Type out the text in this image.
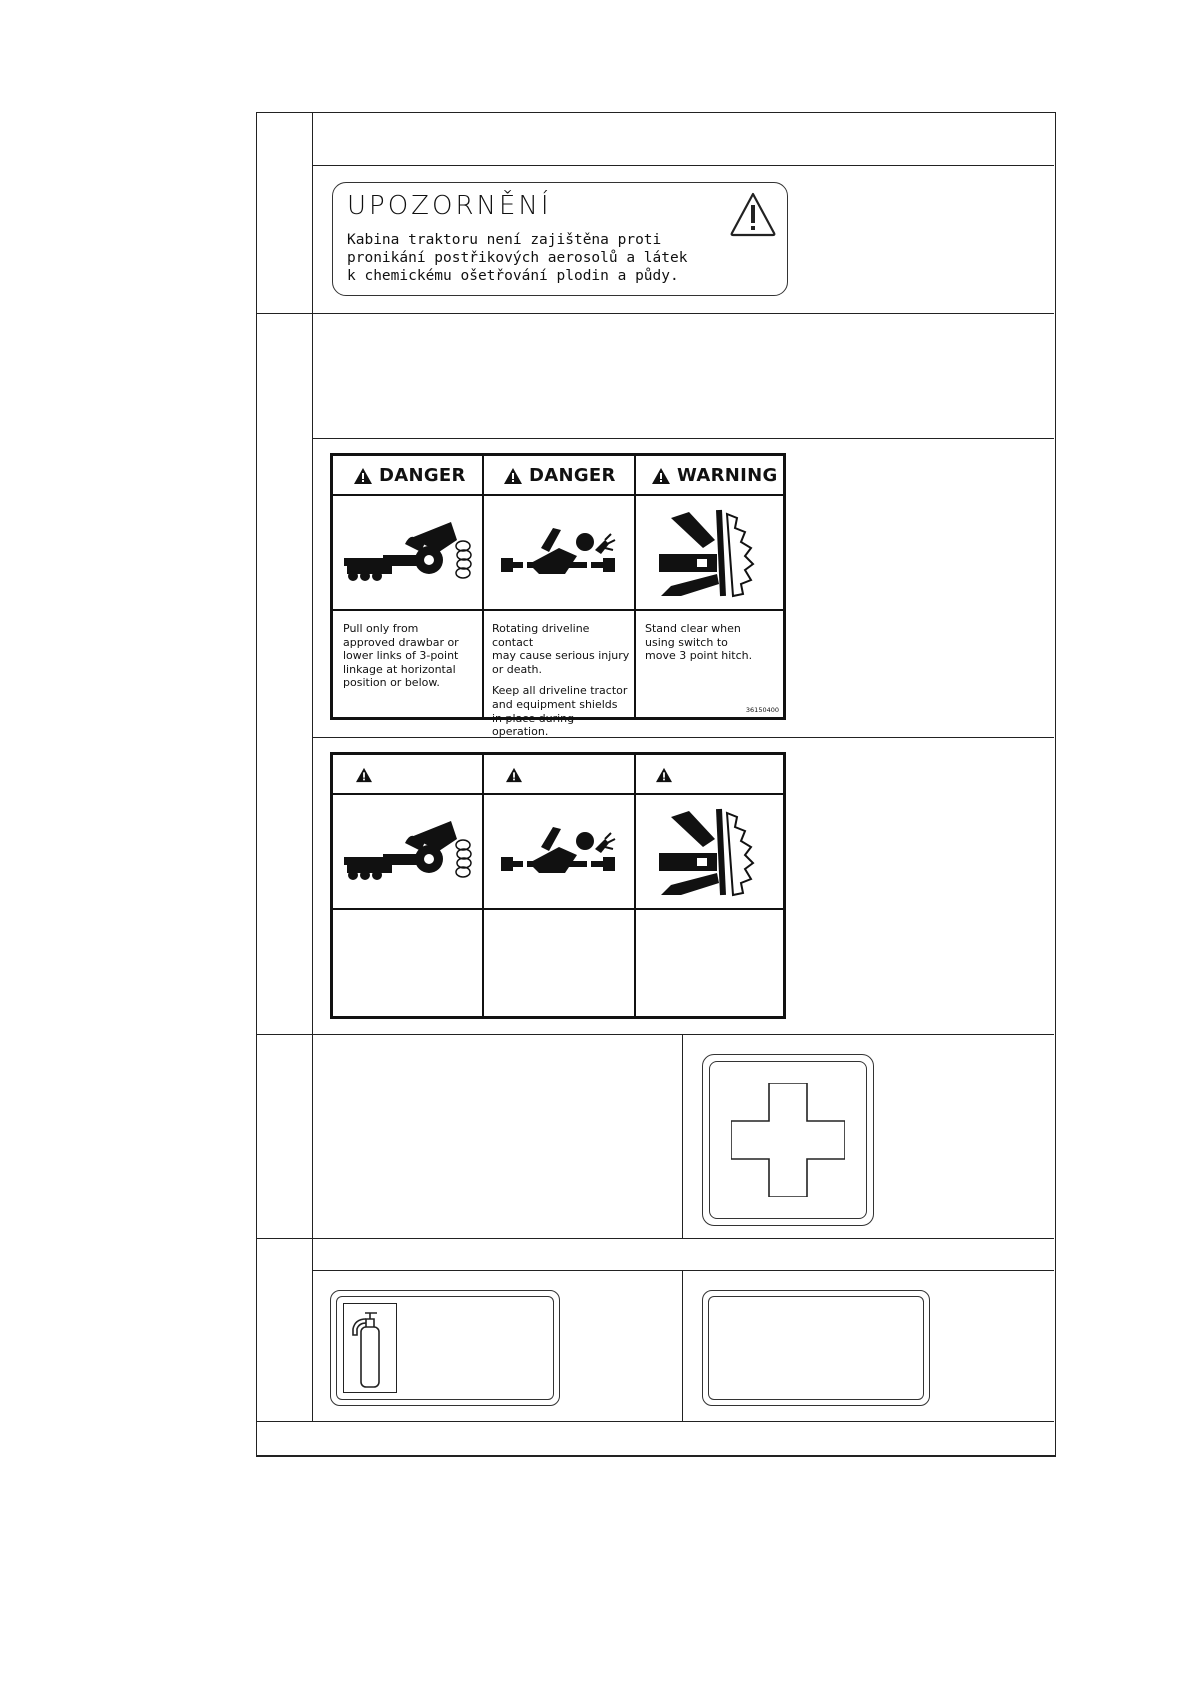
UPOZORNĚNÍ
Kabina traktoru není zajištěna proti
pronikání postřikových aerosolů a látek
k chemickému ošetřování plodin a půdy.
DANGER	DANGER	WARNING

Pull only from

approved drawbar or

lower links of 3-point

linkage at horizontal

position or below.

Rotating driveline contact

may cause serious injury

or death.

Keep all driveline tractor

and equipment shields

in place during operation.

Stand clear when

using switch to

move 3 point hitch.

36150400
